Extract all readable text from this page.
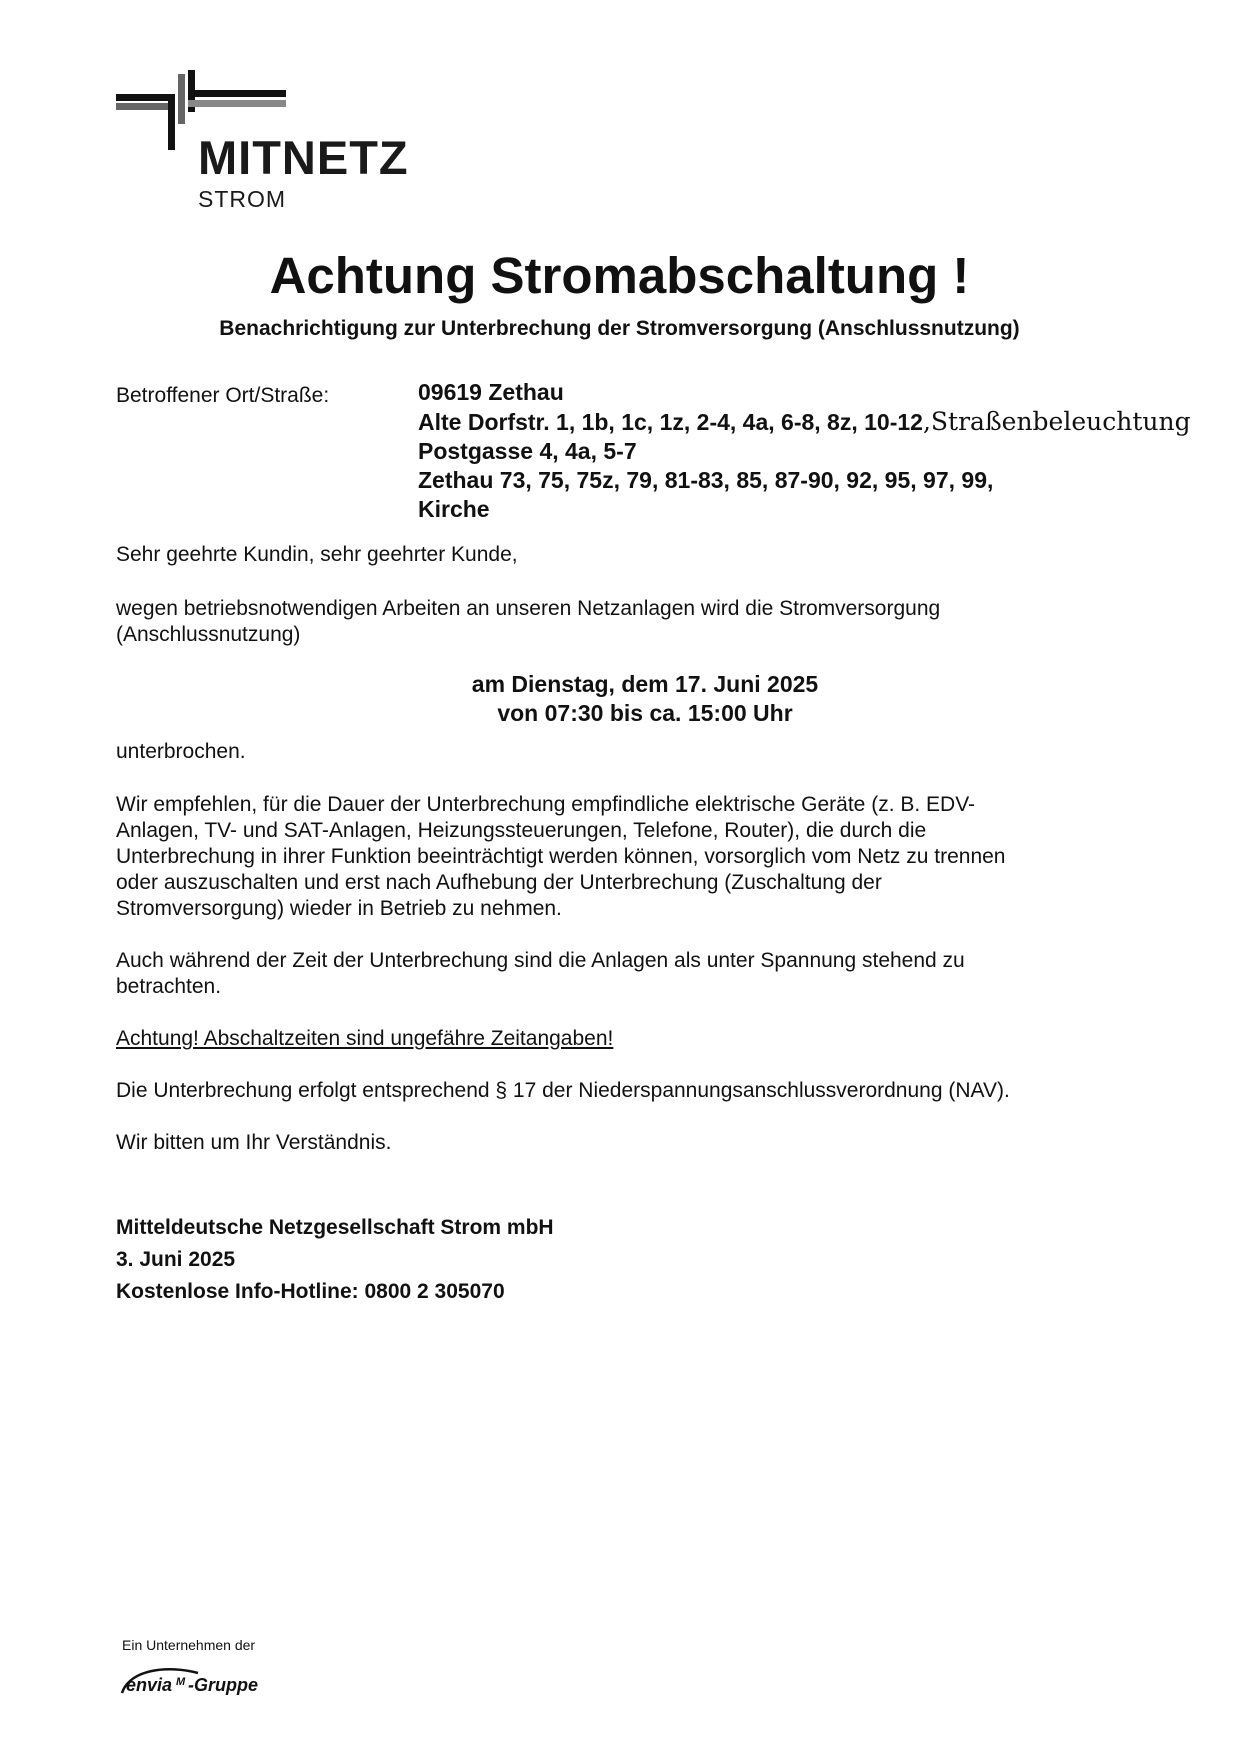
MITNETZ
STROM
Achtung Stromabschaltung !
Benachrichtigung zur Unterbrechung der Stromversorgung (Anschlussnutzung)
Betroffener Ort/Straße:	09619 Zethau
Alte Dorfstr. 1, 1b, 1c, 1z, 2-4, 4a, 6-8, 8z, 10-12,Straßenbeleuchtung
Postgasse 4, 4a, 5-7
Zethau 73, 75, 75z, 79, 81-83, 85, 87-90, 92, 95, 97, 99,
Kirche
Sehr geehrte Kundin, sehr geehrter Kunde,
wegen betriebsnotwendigen Arbeiten an unseren Netzanlagen wird die Stromversorgung
(Anschlussnutzung)
am Dienstag, dem 17. Juni 2025
von 07:30 bis ca. 15:00 Uhr
unterbrochen.
Wir empfehlen, für die Dauer der Unterbrechung empfindliche elektrische Geräte (z. B. EDV-
Anlagen, TV- und SAT-Anlagen, Heizungssteuerungen, Telefone, Router), die durch die
Unterbrechung in ihrer Funktion beeinträchtigt werden können, vorsorglich vom Netz zu trennen
oder auszuschalten und erst nach Aufhebung der Unterbrechung (Zuschaltung der
Stromversorgung) wieder in Betrieb zu nehmen.
Auch während der Zeit der Unterbrechung sind die Anlagen als unter Spannung stehend zu
betrachten.
Achtung! Abschaltzeiten sind ungefähre Zeitangaben!
Die Unterbrechung erfolgt entsprechend § 17 der Niederspannungsanschlussverordnung (NAV).
Wir bitten um Ihr Verständnis.
Mitteldeutsche Netzgesellschaft Strom mbH
3. Juni 2025
Kostenlose Info-Hotline: 0800 2 305070
Ein Unternehmen der
envia M -Gruppe
